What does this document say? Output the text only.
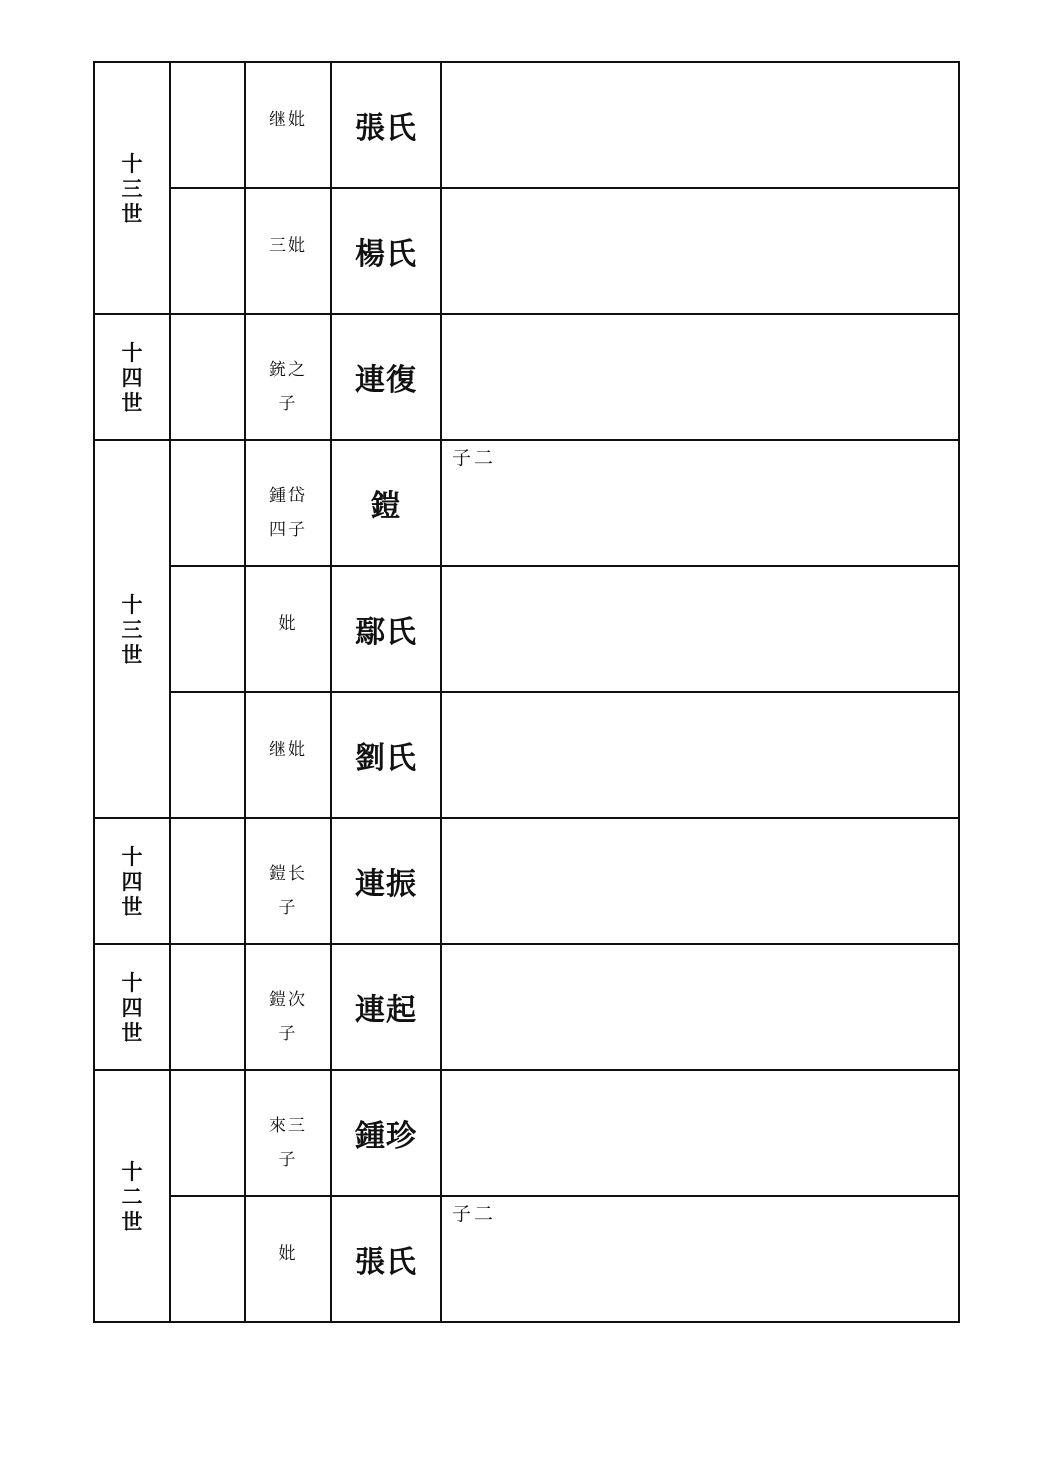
十三世		继妣	張氏	

		三妣	楊氏	

十四世		銃之子	連復	

十三世		鍾岱四子	鎧	子二

		妣	鄢氏	

		继妣	劉氏	

十四世		鎧长子	連振	

十四世		鎧次子	連起	

十二世		來三子	鍾珍	

		妣	張氏	子二
